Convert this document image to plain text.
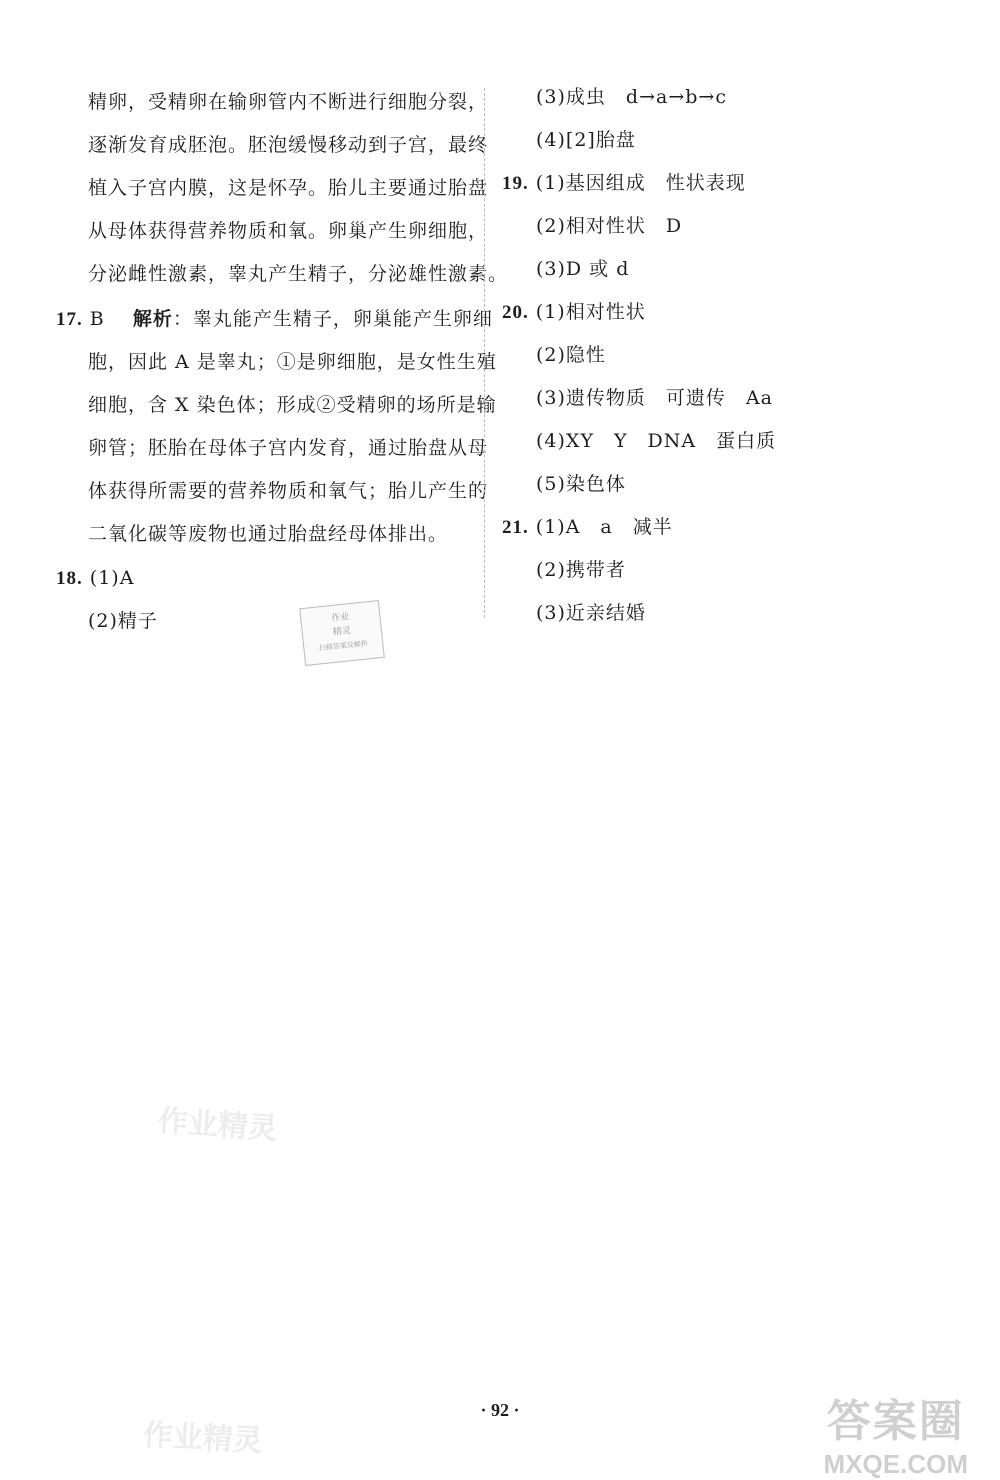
精卵，受精卵在输卵管内不断进行细胞分裂，
逐渐发育成胚泡。胚泡缓慢移动到子宫，最终
植入子宫内膜，这是怀孕。胎儿主要通过胎盘
从母体获得营养物质和氧。卵巢产生卵细胞，
分泌雌性激素，睾丸产生精子，分泌雄性激素。
17. B 解析：睾丸能产生精子，卵巢能产生卵细
胞，因此 A 是睾丸；①是卵细胞，是女性生殖
细胞，含 X 染色体；形成②受精卵的场所是输
卵管；胚胎在母体子宫内发育，通过胎盘从母
体获得所需要的营养物质和氧气；胎儿产生的
二氧化碳等废物也通过胎盘经母体排出。
18. (1)A
(2)精子
(3)成虫　d→a→b→c
(4)[2]胎盘
19. (1)基因组成　性状表现
(2)相对性状　D
(3)D 或 d
20. (1)相对性状
(2)隐性
(3)遗传物质　可遗传　Aa
(4)XY　Y　DNA　蛋白质
(5)染色体
21. (1)A　a　减半
(2)携带者
(3)近亲结婚
作业
精灵
扫描答案及解析
作业精灵
作业精灵	答案圈
MXQE.COM
· 92 ·
